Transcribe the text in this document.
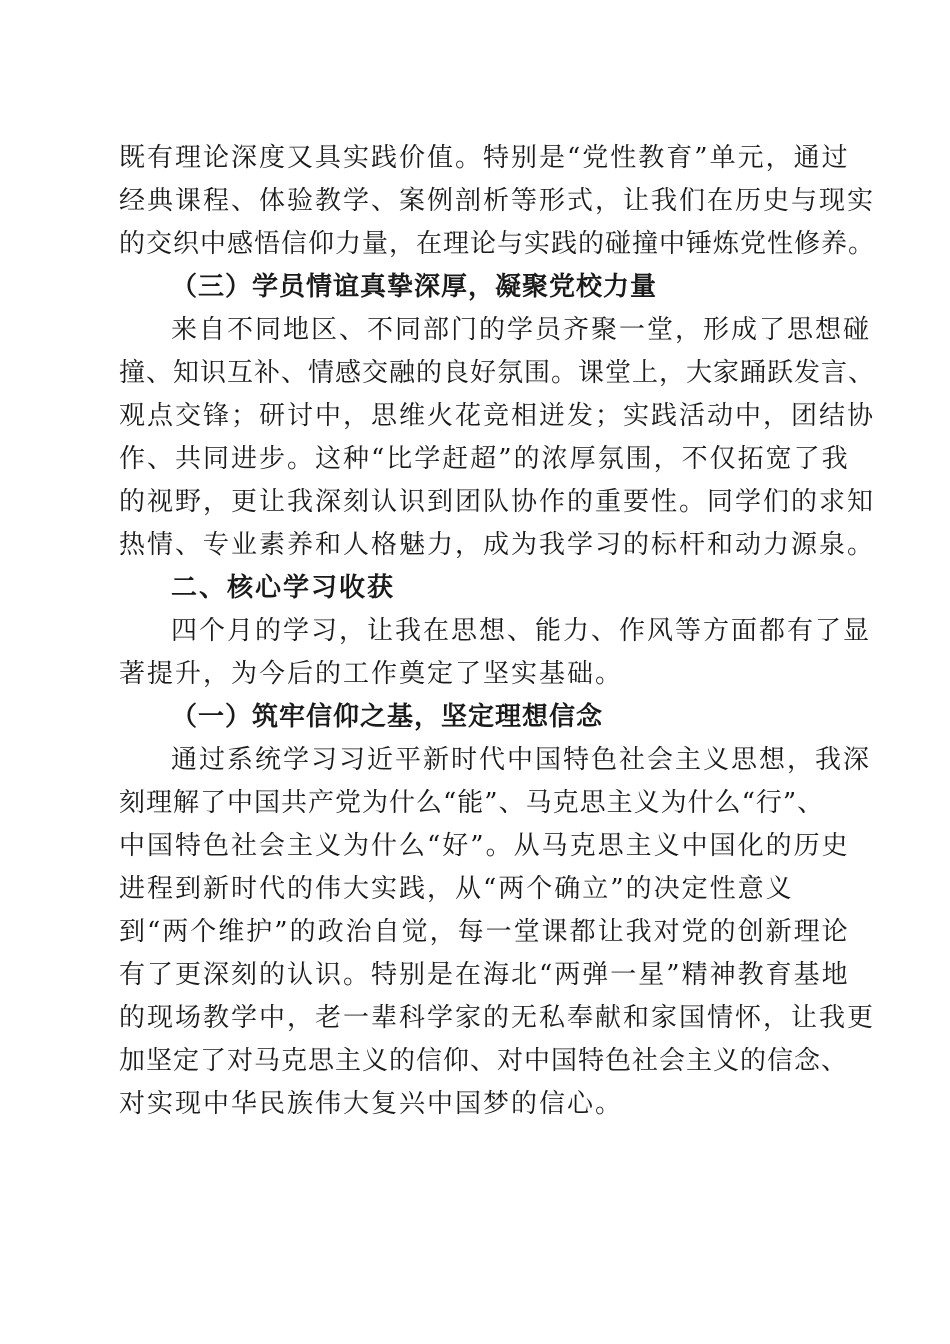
既有理论深度又具实践价值。特别是“党性教育”单元，通过
经典课程、体验教学、案例剖析等形式，让我们在历史与现实
的交织中感悟信仰力量，在理论与实践的碰撞中锤炼党性修养。
（三）学员情谊真挚深厚，凝聚党校力量
来自不同地区、不同部门的学员齐聚一堂，形成了思想碰
撞、知识互补、情感交融的良好氛围。课堂上，大家踊跃发言、
观点交锋；研讨中，思维火花竞相迸发；实践活动中，团结协
作、共同进步。这种“比学赶超”的浓厚氛围，不仅拓宽了我
的视野，更让我深刻认识到团队协作的重要性。同学们的求知
热情、专业素养和人格魅力，成为我学习的标杆和动力源泉。
二、核心学习收获
四个月的学习，让我在思想、能力、作风等方面都有了显
著提升，为今后的工作奠定了坚实基础。
（一）筑牢信仰之基，坚定理想信念
通过系统学习习近平新时代中国特色社会主义思想，我深
刻理解了中国共产党为什么“能”、马克思主义为什么“行”、
中国特色社会主义为什么“好”。从马克思主义中国化的历史
进程到新时代的伟大实践，从“两个确立”的决定性意义
到“两个维护”的政治自觉，每一堂课都让我对党的创新理论
有了更深刻的认识。特别是在海北“两弹一星”精神教育基地
的现场教学中，老一辈科学家的无私奉献和家国情怀，让我更
加坚定了对马克思主义的信仰、对中国特色社会主义的信念、
对实现中华民族伟大复兴中国梦的信心。
